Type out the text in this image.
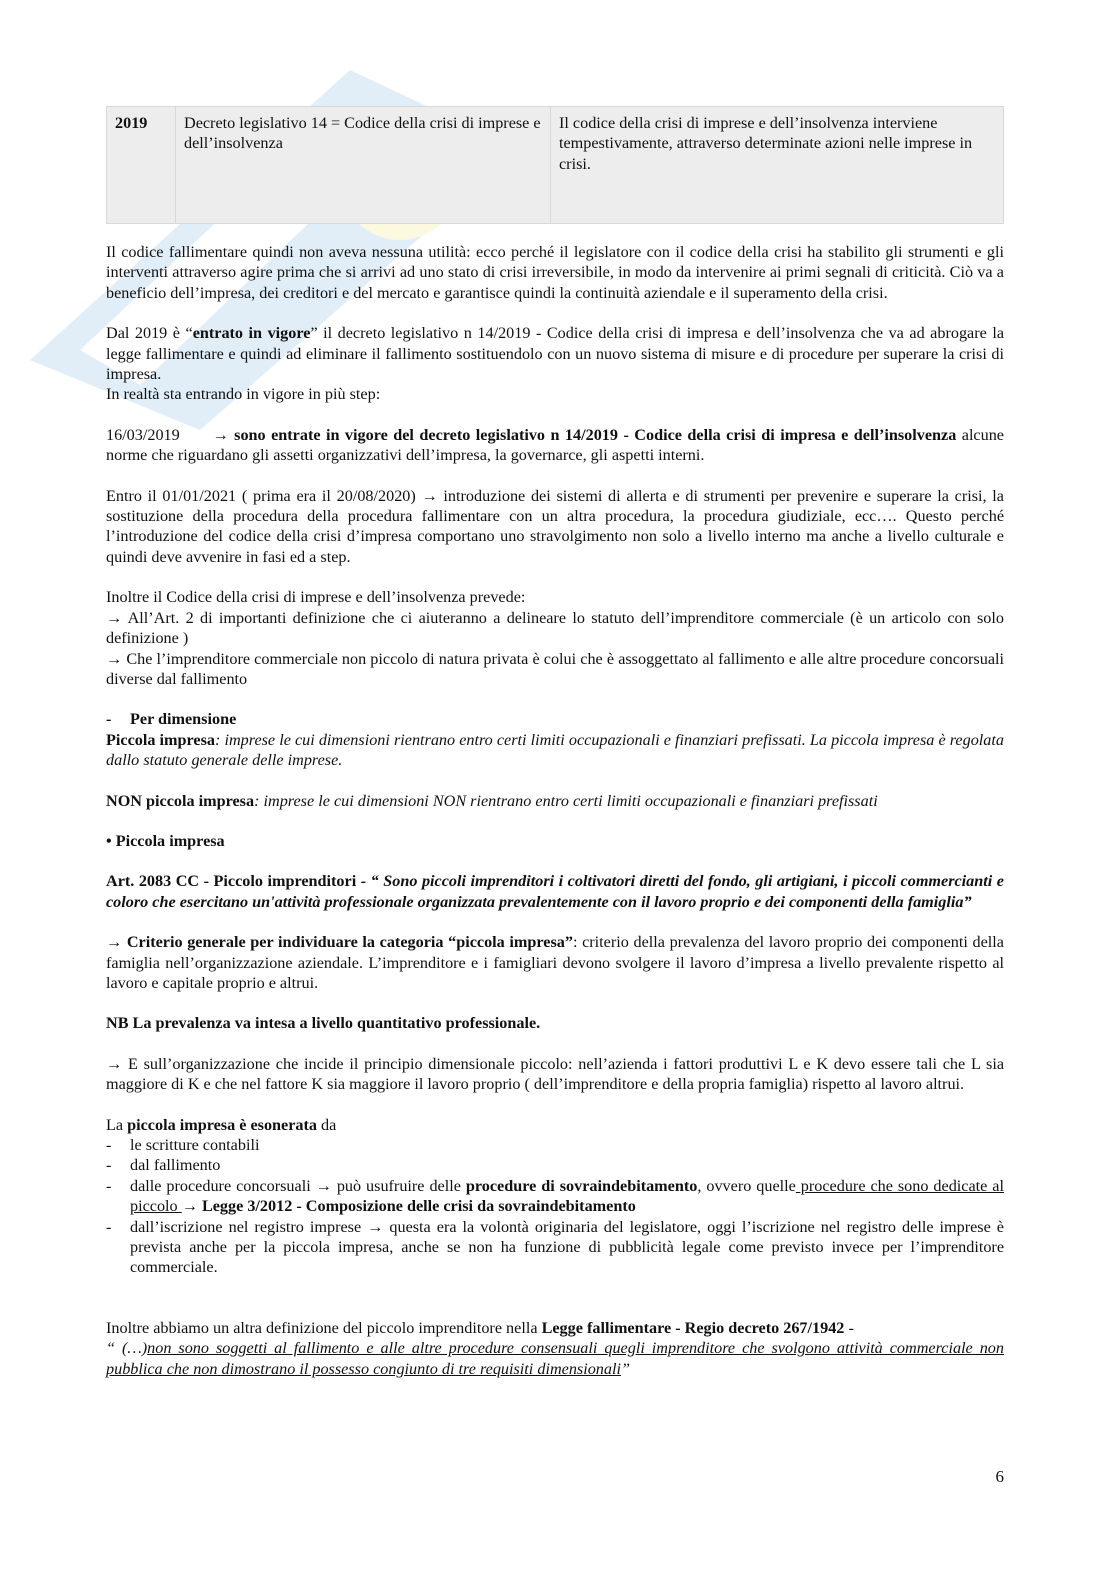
2019	Decreto legislativo 14 = Codice della crisi di imprese e dell’insolvenza	Il codice della crisi di imprese e dell’insolvenza interviene tempestivamente, attraverso determinate azioni nelle imprese in crisi.

Il codice fallimentare quindi non aveva nessuna utilità: ecco perché il legislatore con il codice della crisi ha stabilito gli strumenti e gli interventi attraverso agire prima che si arrivi ad uno stato di crisi irreversibile, in modo da intervenire ai primi segnali di criticità. Ciò va a beneficio dell’impresa, dei creditori e del mercato e garantisce quindi la continuità aziendale e il superamento della crisi.

Dal 2019 è “entrato in vigore” il decreto legislativo n 14/2019 - Codice della crisi di impresa e dell’insolvenza che va ad abrogare la legge fallimentare e quindi ad eliminare il fallimento sostituendolo con un nuovo sistema di misure e di procedure per superare la crisi di impresa.
In realtà sta entrando in vigore in più step:

16/03/2019 → sono entrate in vigore del decreto legislativo n 14/2019 - Codice della crisi di impresa e dell’insolvenza alcune norme che riguardano gli assetti organizzativi dell’impresa, la governarce, gli aspetti interni.

Entro il 01/01/2021 ( prima era il 20/08/2020) → introduzione dei sistemi di allerta e di strumenti per prevenire e superare la crisi, la sostituzione della procedura della procedura fallimentare con un altra procedura, la procedura giudiziale, ecc…. Questo perché l’introduzione del codice della crisi d’impresa comportano uno stravolgimento non solo a livello interno ma anche a livello culturale e quindi deve avvenire in fasi ed a step.

Inoltre il Codice della crisi di imprese e dell’insolvenza prevede:
→ All’Art. 2 di importanti definizione che ci aiuteranno a delineare lo statuto dell’imprenditore commerciale (è un articolo con solo definizione )
→ Che l’imprenditore commerciale non piccolo di natura privata è colui che è assoggettato al fallimento e alle altre procedure concorsuali diverse dal fallimento

-	Per dimensione

Piccola impresa: imprese le cui dimensioni rientrano entro certi limiti occupazionali e finanziari prefissati. La piccola impresa è regolata dallo statuto generale delle imprese.

NON piccola impresa: imprese le cui dimensioni NON rientrano entro certi limiti occupazionali e finanziari prefissati

• Piccola impresa

Art. 2083 CC - Piccolo imprenditori - “ Sono piccoli imprenditori i coltivatori diretti del fondo, gli artigiani, i piccoli commercianti e coloro che esercitano un'attività professionale organizzata prevalentemente con il lavoro proprio e dei componenti della famiglia”

→ Criterio generale per individuare la categoria “piccola impresa”: criterio della prevalenza del lavoro proprio dei componenti della famiglia nell’organizzazione aziendale. L’imprenditore e i famigliari devono svolgere il lavoro d’impresa a livello prevalente rispetto al lavoro e capitale proprio e altrui.

NB La prevalenza va intesa a livello quantitativo professionale.

→ E sull’organizzazione che incide il principio dimensionale piccolo: nell’azienda i fattori produttivi L e K devo essere tali che L sia maggiore di K e che nel fattore K sia maggiore il lavoro proprio ( dell’imprenditore e della propria famiglia) rispetto al lavoro altrui.

La piccola impresa è esonerata da
-	le scritture contabili
-	dal fallimento
-	dalle procedure concorsuali → può usufruire delle procedure di sovraindebitamento, ovvero quelle procedure che sono dedicate al piccolo → Legge 3/2012 - Composizione delle crisi da sovraindebitamento
-	dall’iscrizione nel registro imprese → questa era la volontà originaria del legislatore, oggi l’iscrizione nel registro delle imprese è prevista anche per la piccola impresa, anche se non ha funzione di pubblicità legale come previsto invece per l’imprenditore commerciale.

Inoltre abbiamo un altra definizione del piccolo imprenditore nella Legge fallimentare - Regio decreto 267/1942 -
“ (…)non sono soggetti al fallimento e alle altre procedure consensuali quegli imprenditore che svolgono attività commerciale non pubblica che non dimostrano il possesso congiunto di tre requisiti dimensionali”

6
